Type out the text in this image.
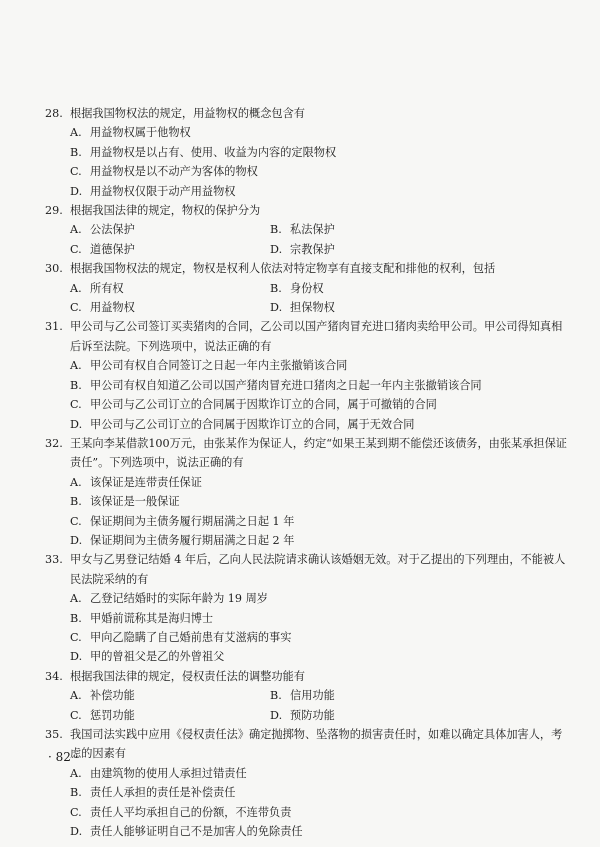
28. 根据我国物权法的规定，用益物权的概念包含有
A. 用益物权属于他物权
B. 用益物权是以占有、使用、收益为内容的定限物权
C. 用益物权是以不动产为客体的物权
D. 用益物权仅限于动产用益物权
29. 根据我国法律的规定，物权的保护分为
A. 公法保护	B. 私法保护
C. 道德保护	D. 宗教保护
30. 根据我国物权法的规定，物权是权利人依法对特定物享有直接支配和排他的权利，包括
A. 所有权	B. 身份权
C. 用益物权	D. 担保物权
31. 甲公司与乙公司签订买卖猪肉的合同，乙公司以国产猪肉冒充进口猪肉卖给甲公司。甲公司得知真相后诉至法院。下列选项中，说法正确的有
A. 甲公司有权自合同签订之日起一年内主张撤销该合同
B. 甲公司有权自知道乙公司以国产猪肉冒充进口猪肉之日起一年内主张撤销该合同
C. 甲公司与乙公司订立的合同属于因欺诈订立的合同，属于可撤销的合同
D. 甲公司与乙公司订立的合同属于因欺诈订立的合同，属于无效合同
32. 王某向李某借款100万元，由张某作为保证人，约定“如果王某到期不能偿还该债务，由张某承担保证责任”。下列选项中，说法正确的有
A. 该保证是连带责任保证
B. 该保证是一般保证
C. 保证期间为主债务履行期届满之日起 1 年
D. 保证期间为主债务履行期届满之日起 2 年
33. 甲女与乙男登记结婚 4 年后，乙向人民法院请求确认该婚姻无效。对于乙提出的下列理由，不能被人民法院采纳的有
A. 乙登记结婚时的实际年龄为 19 周岁
B. 甲婚前谎称其是海归博士
C. 甲向乙隐瞒了自己婚前患有艾滋病的事实
D. 甲的曾祖父是乙的外曾祖父
34. 根据我国法律的规定，侵权责任法的调整功能有
A. 补偿功能	B. 信用功能
C. 惩罚功能	D. 预防功能
35. 我国司法实践中应用《侵权责任法》确定抛掷物、坠落物的损害责任时，如难以确定具体加害人，考虑的因素有
A. 由建筑物的使用人承担过错责任
B. 责任人承担的责任是补偿责任
C. 责任人平均承担自己的份额，不连带负责
D. 责任人能够证明自己不是加害人的免除责任
· 82 ·
